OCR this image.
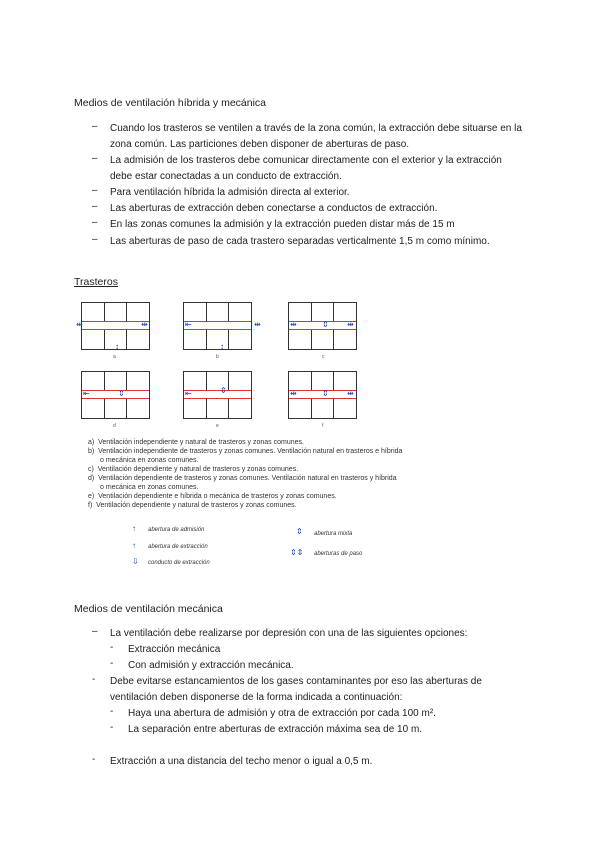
Medios de ventilación híbrida y mecánica
– Cuando los trasteros se ventilen a través de la zona común, la extracción debe situarse en la
zona común. Las particiones deben disponer de aberturas de paso.
– La admisión de los trasteros debe comunicar directamente con el exterior y la extracción
debe estar conectadas a un conducto de extracción.
– Para ventilación híbrida la admisión directa al exterior.
– Las aberturas de extracción deben conectarse a conductos de extracción.
– En las zonas comunes la admisión y la extracción pueden distar más de 15 m
– Las aberturas de paso de cada trastero separadas verticalmente 1,5 m como mínimo.
Trasteros
⇹	⇹
↕
a
⇤	⇹
↕
b
⇹	⇕ ⇹
c
⇤	⇕
d
⇤	⇕
e
⇹	⇕ ⇹
f
a) Ventilación independiente y natural de trasteros y zonas comunes.
b) Ventilación independiente de trasteros y zonas comunes. Ventilación natural en trasteros e híbrida
o mecánica en zonas comunes.
c) Ventilación dependiente y natural de trasteros y zonas comunes.
d) Ventilación dependiente de trasteros y zonas comunes. Ventilación natural en trasteros y híbrida
o mecánica en zonas comunes.
e) Ventilación dependiente e híbrida o mecánica de trasteros y zonas comunes.
f) Ventilación dependiente y natural de trasteros y zonas comunes.
↑ abertura de admisión
↑ abertura de extracción
⇩ conducto de extracción
⇕ abertura mixta
⇕⇕ aberturas de paso
Medios de ventilación mecánica
– La ventilación debe realizarse por depresión con una de las siguientes opciones:
- Extracción mecánica
- Con admisión y extracción mecánica.
- Debe evitarse estancamientos de los gases contaminantes por eso las aberturas de
ventilación deben disponerse de la forma indicada a continuación:
- Haya una abertura de admisión y otra de extracción por cada 100 m².
- La separación entre aberturas de extracción máxima sea de 10 m.
- Extracción a una distancia del techo menor o igual a 0,5 m.
